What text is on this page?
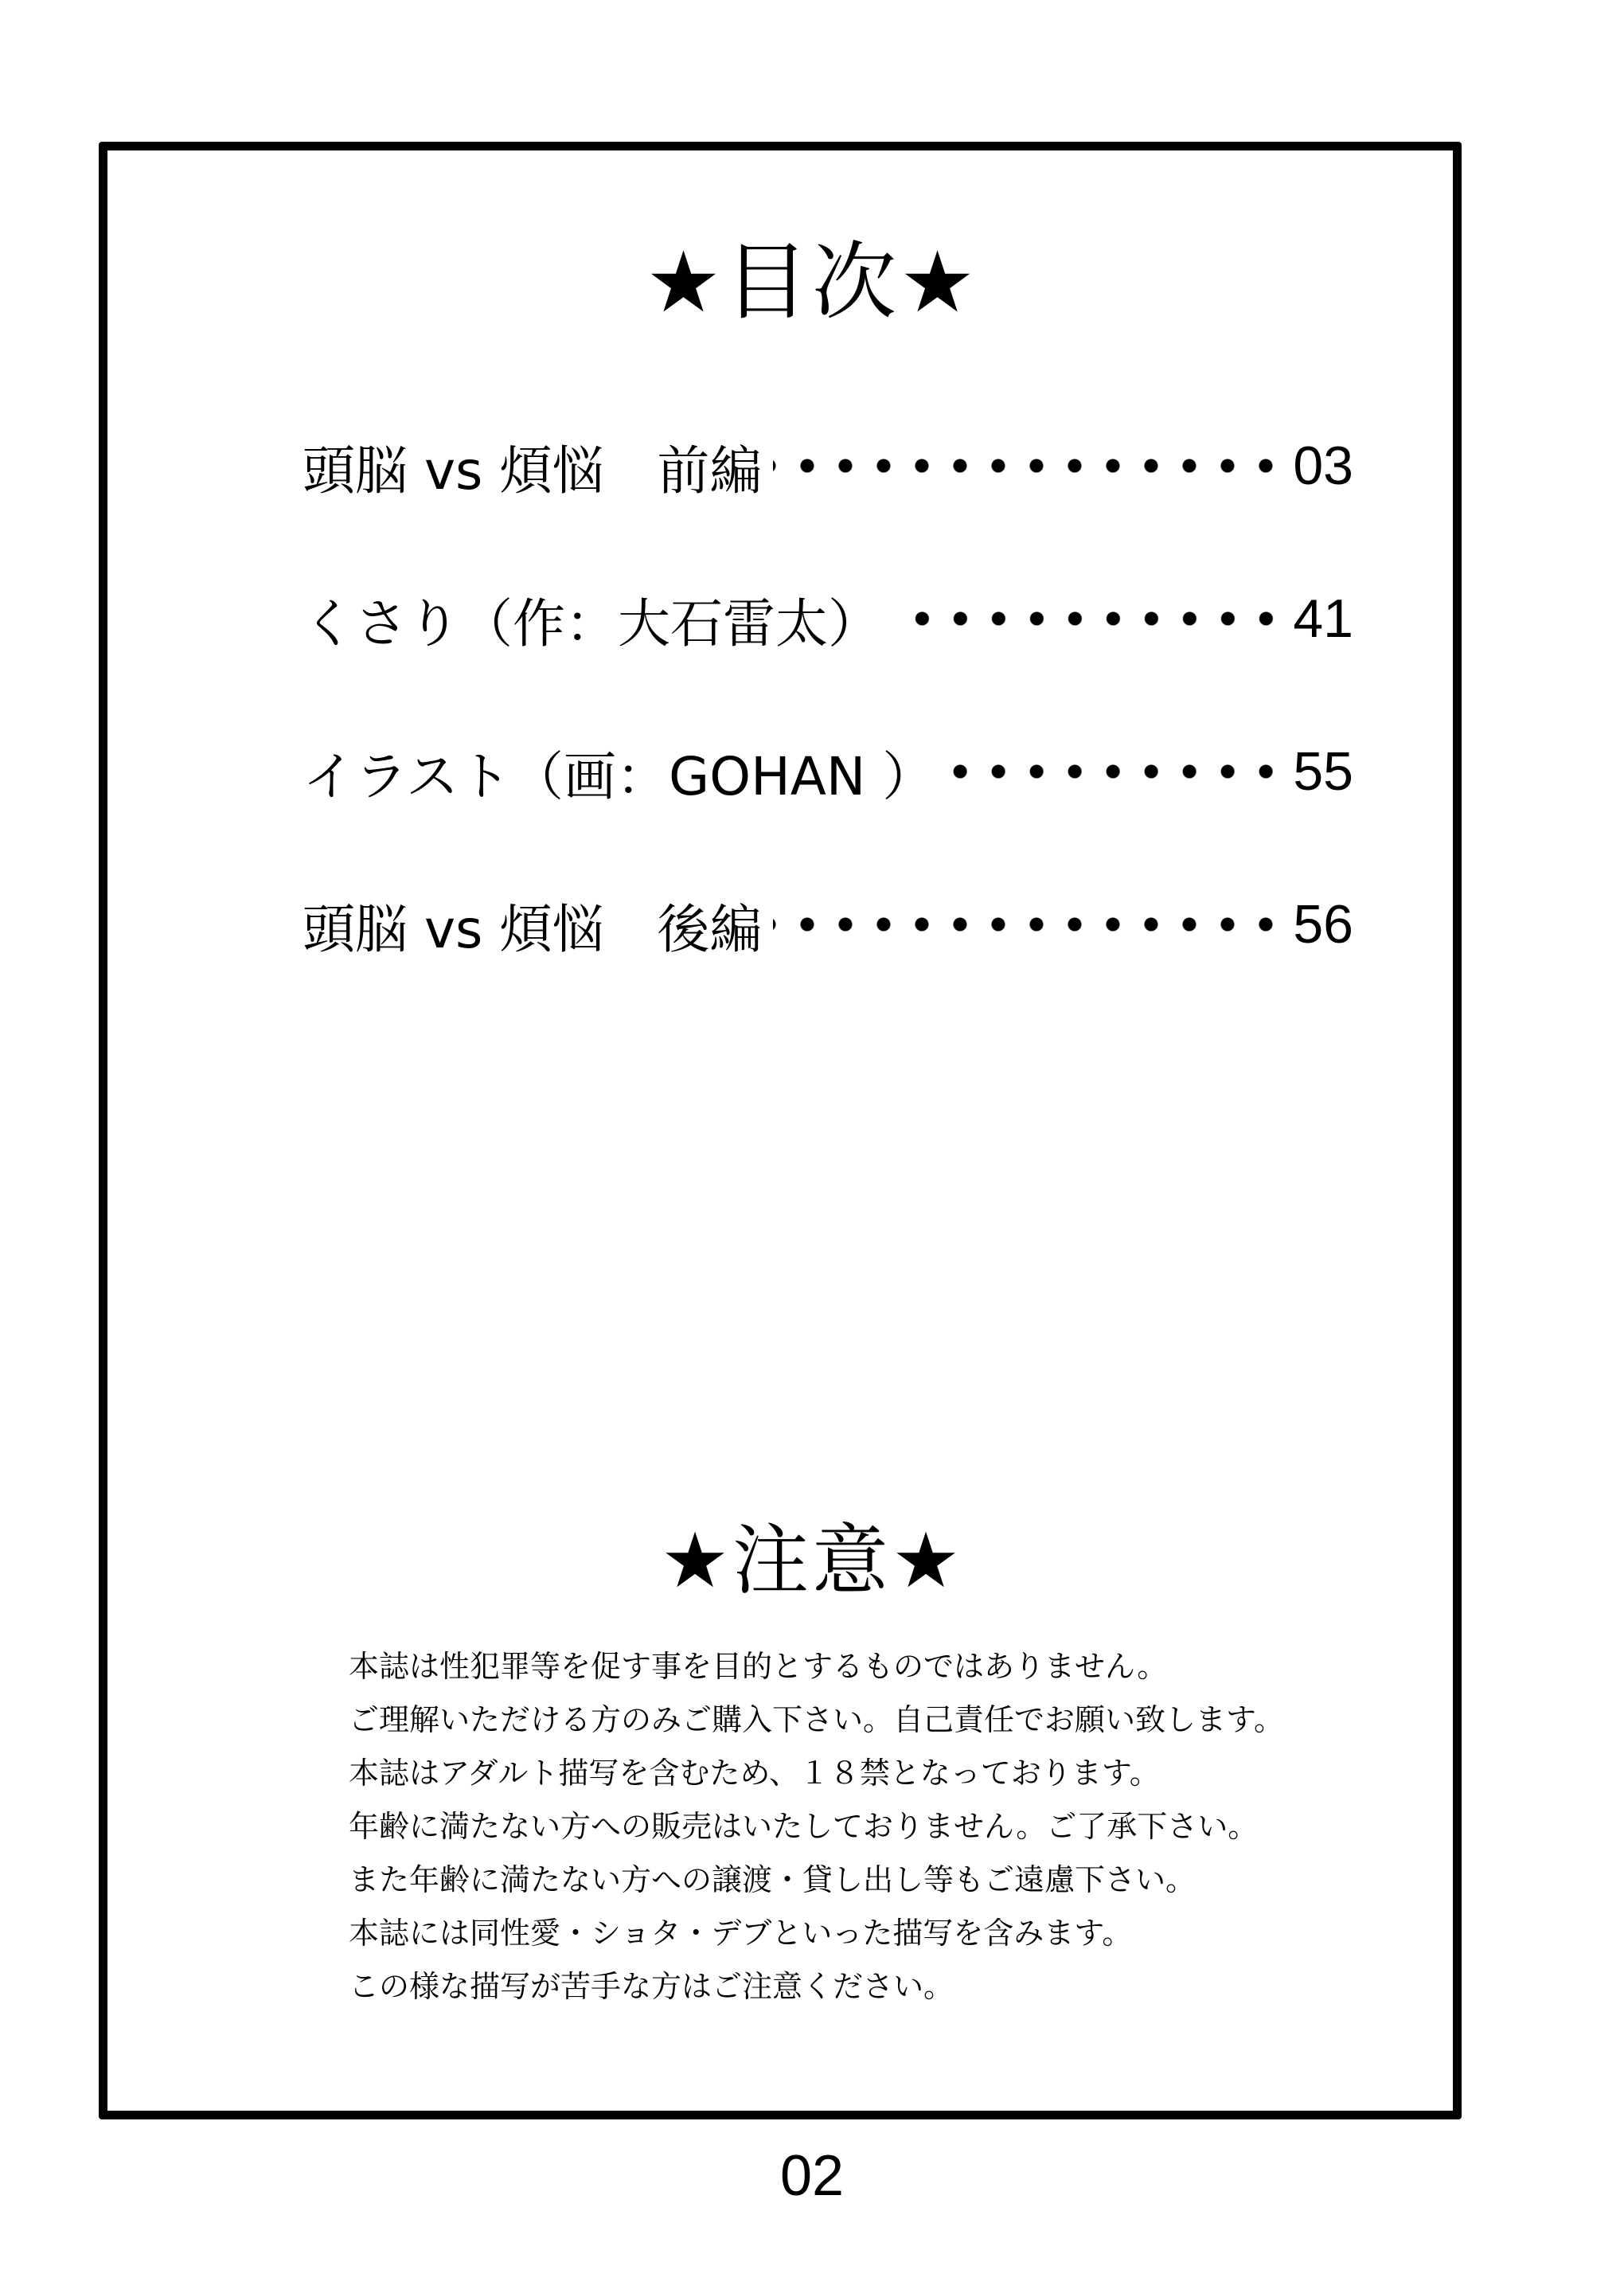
★目次★
頭脳 vs 煩悩　前編	03
くさり（作：大石雷太）	41
イラスト（画：GOHAN ）	55
頭脳 vs 煩悩　後編	56
★注意★
本誌は性犯罪等を促す事を目的とするものではありません。
ご理解いただける方のみご購入下さい。自己責任でお願い致します。
本誌はアダルト描写を含むため、１８禁となっております。
年齢に満たない方への販売はいたしておりません。ご了承下さい。
また年齢に満たない方への譲渡・貸し出し等もご遠慮下さい。
本誌には同性愛・ショタ・デブといった描写を含みます。
この様な描写が苦手な方はご注意ください。
02
